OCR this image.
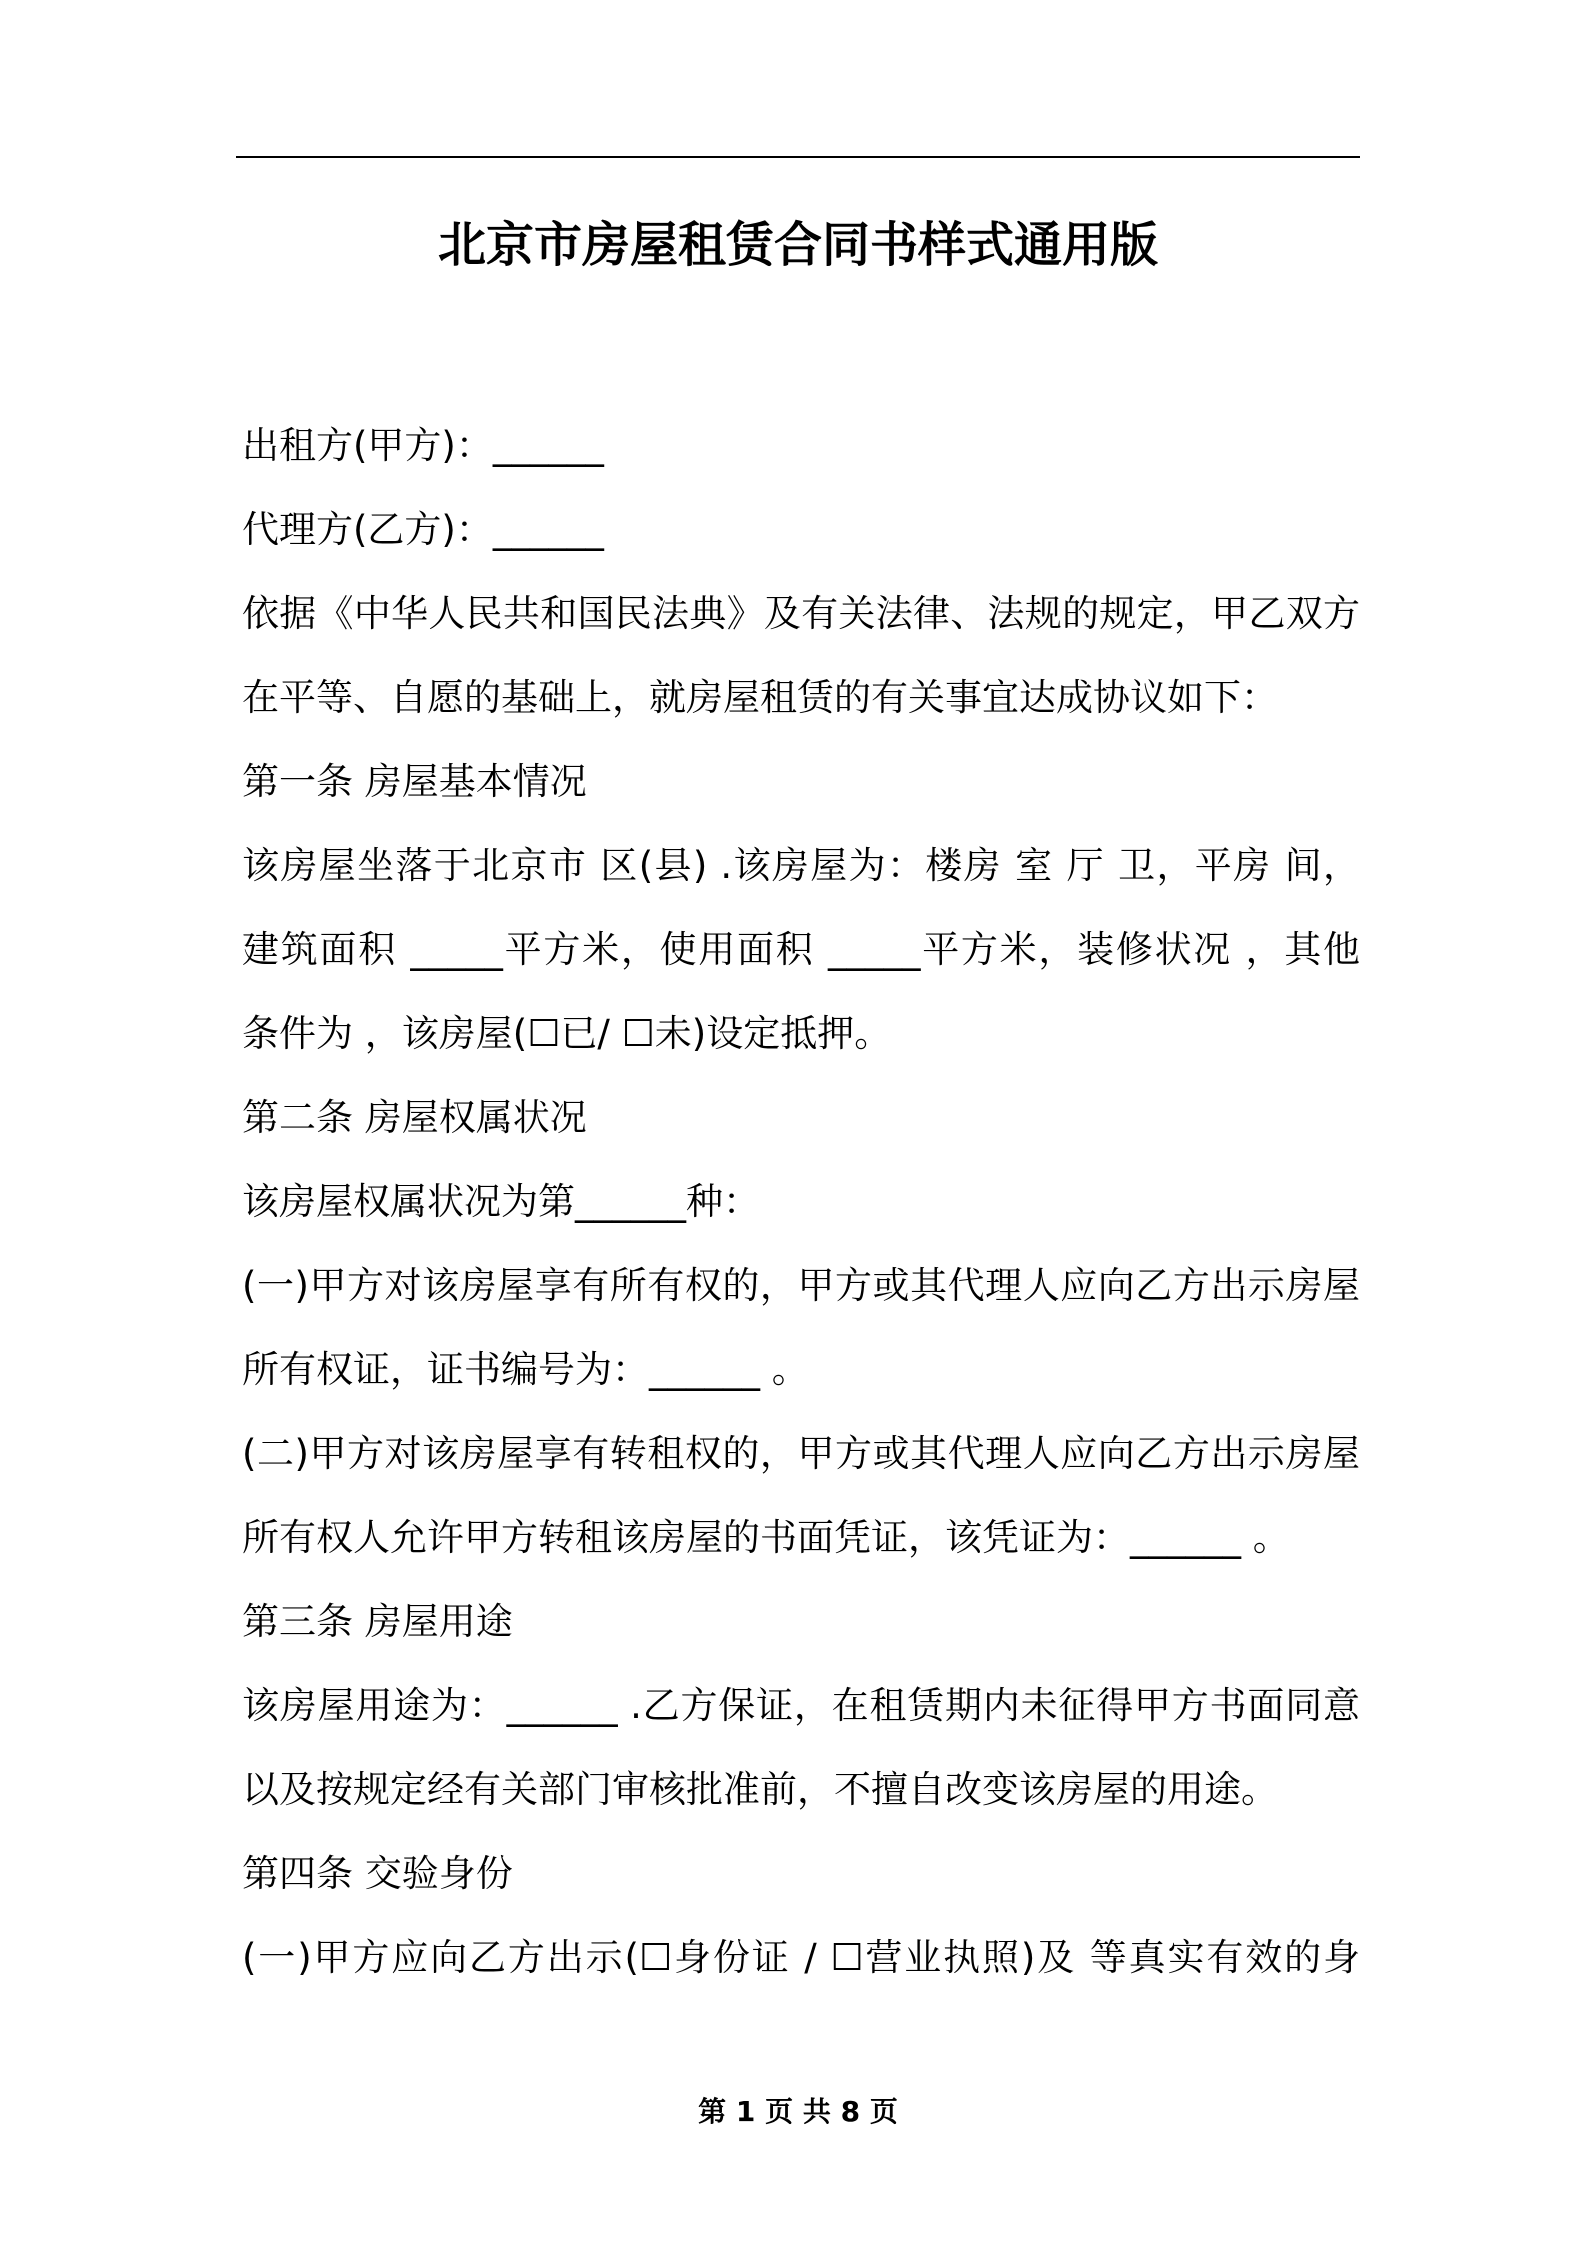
北京市房屋租赁合同书样式通用版
出租方(甲方)：______
代理方(乙方)：______
依据《中华人民共和国民法典》及有关法律、法规的规定，甲乙双方
在平等、自愿的基础上，就房屋租赁的有关事宜达成协议如下：
第一条 房屋基本情况
该房屋坐落于北京市 区(县) .该房屋为：楼房 室 厅 卫，平房 间，
建筑面积 _____平方米，使用面积 _____平方米，装修状况 ，其他
条件为 ，该房屋(☐已/ ☐未)设定抵押。
第二条 房屋权属状况
该房屋权属状况为第______种：
(一)甲方对该房屋享有所有权的，甲方或其代理人应向乙方出示房屋
所有权证，证书编号为：______ 。
(二)甲方对该房屋享有转租权的，甲方或其代理人应向乙方出示房屋
所有权人允许甲方转租该房屋的书面凭证，该凭证为：______ 。
第三条 房屋用途
该房屋用途为：______ .乙方保证，在租赁期内未征得甲方书面同意
以及按规定经有关部门审核批准前，不擅自改变该房屋的用途。
第四条 交验身份
(一)甲方应向乙方出示(☐身份证 / ☐营业执照)及 等真实有效的身
第 1 页 共 8 页
